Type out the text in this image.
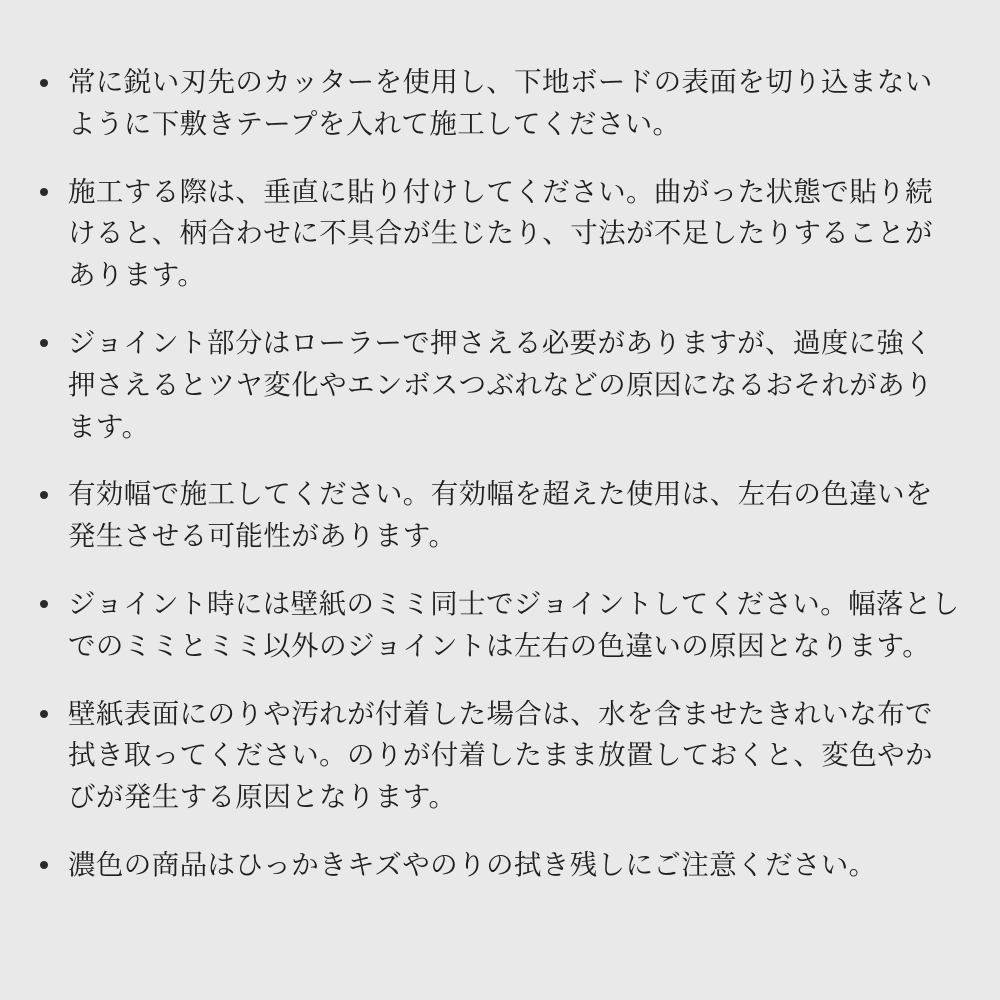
常に鋭い刃先のカッターを使用し、下地ボードの表面を切り込まないように下敷きテープを入れて施工してください。
施工する際は、垂直に貼り付けしてください。曲がった状態で貼り続けると、柄合わせに不具合が生じたり、寸法が不足したりすることがあります。
ジョイント部分はローラーで押さえる必要がありますが、過度に強く押さえるとツヤ変化やエンボスつぶれなどの原因になるおそれがあります。
有効幅で施工してください。有効幅を超えた使用は、左右の色違いを発生させる可能性があります。
ジョイント時には壁紙のミミ同士でジョイントしてください。幅落としでのミミとミミ以外のジョイントは左右の色違いの原因となります。
壁紙表面にのりや汚れが付着した場合は、水を含ませたきれいな布で拭き取ってください。のりが付着したまま放置しておくと、変色やかびが発生する原因となります。
濃色の商品はひっかきキズやのりの拭き残しにご注意ください。
